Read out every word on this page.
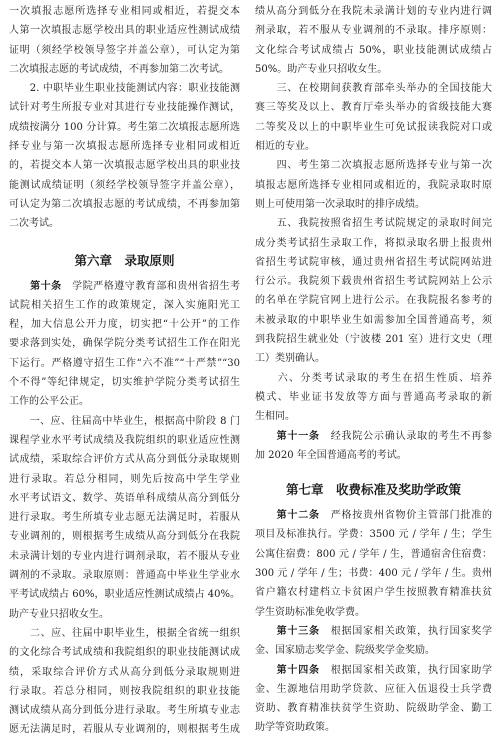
一次填报志愿所选择专业相同或相近，若提交本
人第一次填报志愿学校出具的职业适应性测试成绩
证明（须经学校领导签字并盖公章），可认定为第
二次填报志愿的考试成绩，不再参加第二次考试。
　　2. 中职毕业生职业技能测试内容：职业技能测
试针对考生所报专业对其进行专业技能操作测试，
成绩按满分 100 分计算。考生第二次填报志愿所选
择专业与第一次填报志愿所选择专业相同或相近
的，若提交本人第一次填报志愿学校出具的职业技
能测试成绩证明（须经学校领导签字并盖公章），
可认定为第二次填报志愿的考试成绩，不再参加第
二次考试。
第六章　录取原则
　　第十条　 学院严格遵守教育部和贵州省招生考
试院相关招生工作的政策规定，深入实施阳光工
程，加大信息公开力度，切实把“十公开”的工作
要求落到实处，确保学院分类考试招生工作在阳光
下运行。严格遵守招生工作“六不准”“十严禁”“30
个不得”等纪律规定，切实维护学院分类考试招生
工作的公平公正。
　　一、应、往届高中毕业生，根据高中阶段 8 门
课程学业水平考试成绩及我院组织的职业适应性测
试成绩，采取综合评价方式从高分到低分录取规则
进行录取。若总分相同，则先后按高中学生学业
水平考试语文、数学、英语单科成绩从高分到低分
进行录取。考生所填专业志愿无法满足时，若服从
专业调剂的，则根据考生成绩从高分到低分在我院
未录满计划的专业内进行调剂录取，若不服从专业
调剂的不录取。录取原则：普通高中毕业生学业水
平考试成绩占 60%，职业适应性测试成绩占 40%。
助产专业只招收女生。
　　二、应、往届中职毕业生，根据全省统一组织
的文化综合考试成绩和我院组织的职业技能测试成
绩，采取综合评价方式从高分到低分录取规则进
行录取。若总分相同，则按我院组织的职业技能
测试成绩从高分到低分进行录取。考生所填专业志
愿无法满足时，若服从专业调剂的，则根据考生成
绩从高分到低分在我院未录满计划的专业内进行调
剂录取，若不服从专业调剂的不录取。排序原则：
文化综合考试成绩占 50%，职业技能测试成绩占
50%。助产专业只招收女生。
　　三、在校期间获教育部牵头举办的全国技能大
赛三等奖及以上、教育厅牵头举办的省级技能大赛
二等奖及以上的中职毕业生可免试报读我院对口或
相近的专业。
　　四、考生第二次填报志愿所选择专业与第一次
填报志愿所选择专业相同或相近的，我院录取时原
则上可使用第一次录取时的排序成绩。
　　五、我院按照省招生考试院规定的录取时间完
成分类考试招生录取工作，将拟录取名册上报贵州
省招生考试院审核，通过贵州省招生考试院网站进
行公示。我院须下载贵州省招生考试院网站上公示
的名单在学院官网上进行公示。在我院报名参考的
未被录取的中职毕业生如需参加全国普通高考，须
到我院招生就业处（宁波楼 201 室）进行文史（理
工）类别确认。
　　六、分类考试录取的考生在招生性质、培养
模式、毕业证书发放等方面与普通高考录取的新
生相同。
　　第十一条　 经我院公示确认录取的考生不再参
加 2020 年全国普通高考的考试。
第七章　收费标准及奖助学政策
　　第十二条　 严格按贵州省物价主管部门批准的
项目及标准执行。学费：3500 元 / 学年 / 生；学生
公寓住宿费：800 元 / 学年 / 生，普通宿舍住宿费：
300 元 / 学年 / 生；书费：400 元 / 学年 / 生。贵州
省户籍农村建档立卡贫困户学生按照教育精准扶贫
学生资助标准免收学费。
　　第十三条　 根据国家相关政策，执行国家奖学
金、国家励志奖学金、院级奖学金奖励。
　　第十四条　 根据国家相关政策，执行国家助学
金、生源地信用助学贷款、应征入伍退役士兵学费
资助、教育精准扶贫学生资助、院级助学金、勤工
助学等资助政策。
